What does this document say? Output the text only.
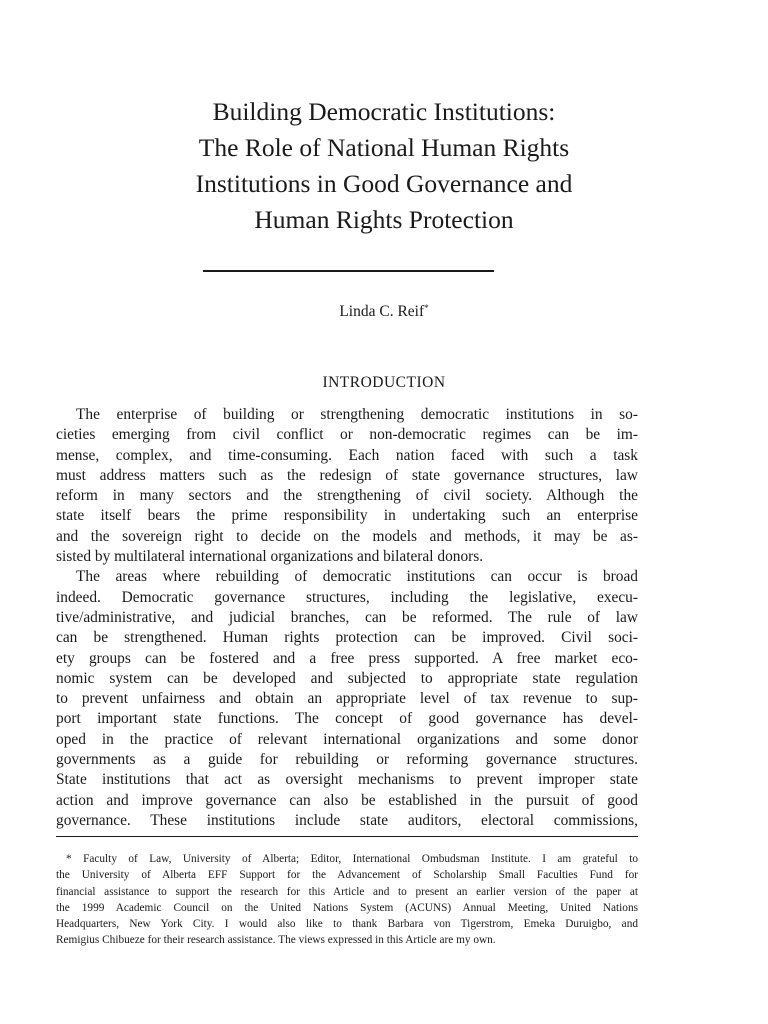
Building Democratic Institutions:
The Role of National Human Rights
Institutions in Good Governance and
Human Rights Protection
Linda C. Reif*
INTRODUCTION
The enterprise of building or strengthening democratic institutions in so-
cieties emerging from civil conflict or non-democratic regimes can be im-
mense, complex, and time-consuming. Each nation faced with such a task
must address matters such as the redesign of state governance structures, law
reform in many sectors and the strengthening of civil society. Although the
state itself bears the prime responsibility in undertaking such an enterprise
and the sovereign right to decide on the models and methods, it may be as-
sisted by multilateral international organizations and bilateral donors.
The areas where rebuilding of democratic institutions can occur is broad
indeed. Democratic governance structures, including the legislative, execu-
tive/administrative, and judicial branches, can be reformed. The rule of law
can be strengthened. Human rights protection can be improved. Civil soci-
ety groups can be fostered and a free press supported. A free market eco-
nomic system can be developed and subjected to appropriate state regulation
to prevent unfairness and obtain an appropriate level of tax revenue to sup-
port important state functions. The concept of good governance has devel-
oped in the practice of relevant international organizations and some donor
governments as a guide for rebuilding or reforming governance structures.
State institutions that act as oversight mechanisms to prevent improper state
action and improve governance can also be established in the pursuit of good
governance. These institutions include state auditors, electoral commissions,
* Faculty of Law, University of Alberta; Editor, International Ombudsman Institute. I am grateful to
the University of Alberta EFF Support for the Advancement of Scholarship Small Faculties Fund for
financial assistance to support the research for this Article and to present an earlier version of the paper at
the 1999 Academic Council on the United Nations System (ACUNS) Annual Meeting, United Nations
Headquarters, New York City. I would also like to thank Barbara von Tigerstrom, Emeka Duruigbo, and
Remigius Chibueze for their research assistance. The views expressed in this Article are my own.
